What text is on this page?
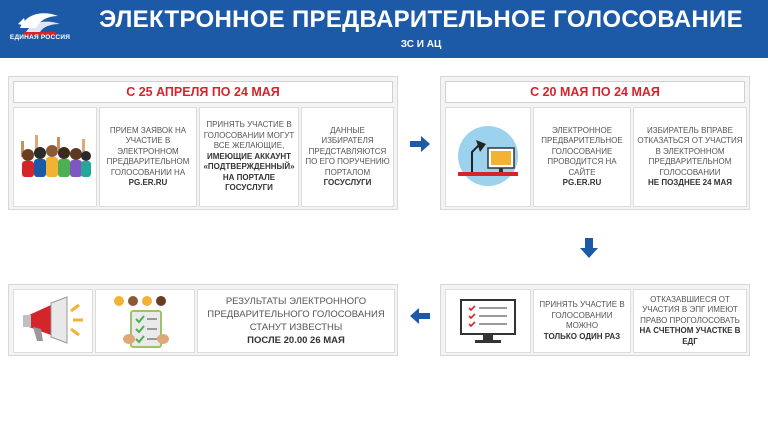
ЕДИНАЯ РОССИЯ
ЭЛЕКТРОННОЕ ПРЕДВАРИТЕЛЬНОЕ ГОЛОСОВАНИЕ
ЗС И АЦ
С 25 АПРЕЛЯ ПО 24 МАЯ
ПРИЕМ ЗАЯВОК НА УЧАСТИЕ В ЭЛЕКТРОННОМ ПРЕДВАРИТЕЛЬНОМ ГОЛОСОВАНИИ НА
PG.ER.RU
ПРИНЯТЬ УЧАСТИЕ В ГОЛОСОВАНИИ МОГУТ ВСЕ ЖЕЛАЮЩИЕ,
ИМЕЮЩИЕ АККАУНТ «ПОДТВЕРЖДЕННЫЙ» НА ПОРТАЛЕ ГОСУСЛУГИ
ДАННЫЕ ИЗБИРАТЕЛЯ ПРЕДСТАВЛЯЮТСЯ ПО ЕГО ПОРУЧЕНИЮ ПОРТАЛОМ
ГОСУСЛУГИ
С 20 МАЯ ПО 24 МАЯ
ЭЛЕКТРОННОЕ ПРЕДВАРИТЕЛЬНОЕ ГОЛОСОВАНИЕ ПРОВОДИТСЯ НА САЙТЕ
PG.ER.RU
ИЗБИРАТЕЛЬ ВПРАВЕ ОТКАЗАТЬСЯ ОТ УЧАСТИЯ В ЭЛЕКТРОННОМ ПРЕДВАРИТЕЛЬНОМ ГОЛОСОВАНИИ
НЕ ПОЗДНЕЕ 24 МАЯ
РЕЗУЛЬТАТЫ ЭЛЕКТРОННОГО ПРЕДВАРИТЕЛЬНОГО ГОЛОСОВАНИЯ СТАНУТ ИЗВЕСТНЫ
ПОСЛЕ 20.00 26 МАЯ
ПРИНЯТЬ УЧАСТИЕ В ГОЛОСОВАНИИ МОЖНО
ТОЛЬКО ОДИН РАЗ
ОТКАЗАВШИЕСЯ ОТ УЧАСТИЯ В ЭПГ ИМЕЮТ ПРАВО ПРОГОЛОСОВАТЬ
НА СЧЕТНОМ УЧАСТКЕ В ЕДГ
